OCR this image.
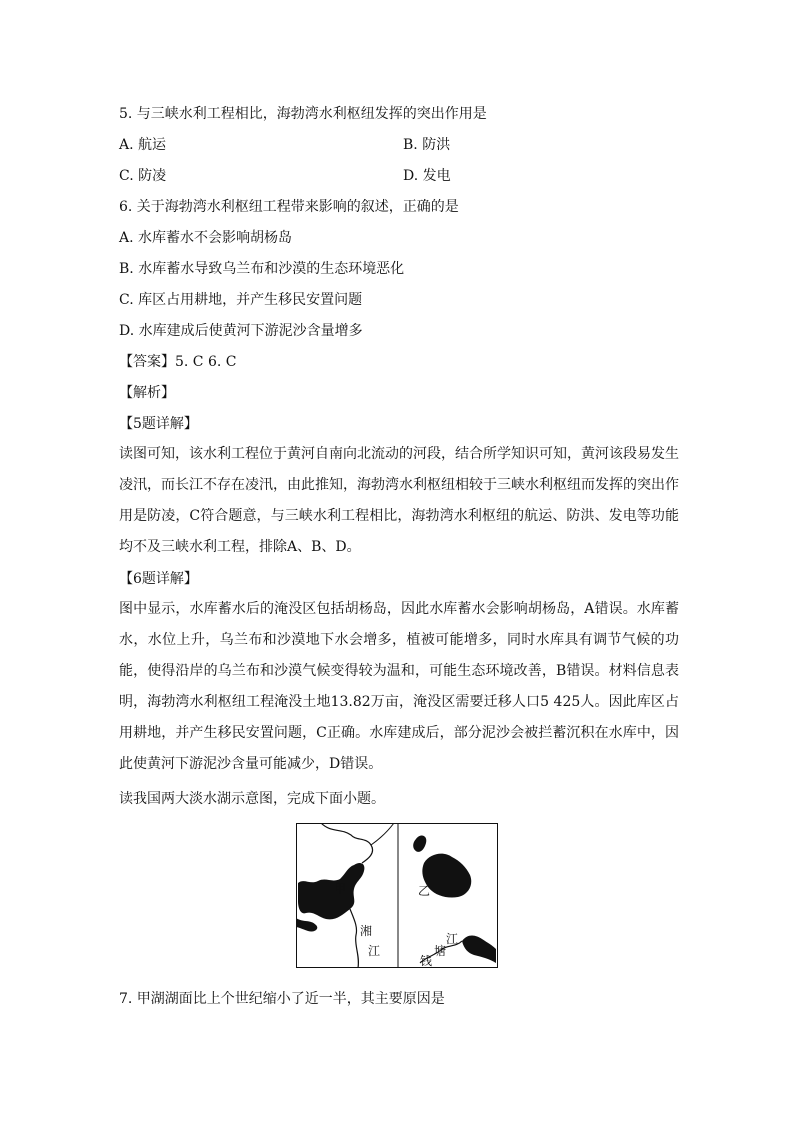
5. 与三峡水利工程相比，海勃湾水利枢纽发挥的突出作用是
A. 航运	B. 防洪
C. 防凌	D. 发电
6. 关于海勃湾水利枢纽工程带来影响的叙述，正确的是
A. 水库蓄水不会影响胡杨岛
B. 水库蓄水导致乌兰布和沙漠的生态环境恶化
C. 库区占用耕地，并产生移民安置问题
D. 水库建成后使黄河下游泥沙含量增多
【答案】5. C 6. C
【解析】
【5题详解】
读图可知，该水利工程位于黄河自南向北流动的河段，结合所学知识可知，黄河该段易发生凌汛，而长江不存在凌汛，由此推知，海勃湾水利枢纽相较于三峡水利枢纽而发挥的突出作用是防凌，C符合题意，与三峡水利工程相比，海勃湾水利枢纽的航运、防洪、发电等功能均不及三峡水利工程，排除A、B、D。
【6题详解】
图中显示，水库蓄水后的淹没区包括胡杨岛，因此水库蓄水会影响胡杨岛，A错误。水库蓄水，水位上升，乌兰布和沙漠地下水会增多，植被可能增多，同时水库具有调节气候的功能，使得沿岸的乌兰布和沙漠气候变得较为温和，可能生态环境改善，B错误。材料信息表明，海勃湾水利枢纽工程淹没土地13.82万亩，淹没区需要迁移人口5 425人。因此库区占用耕地，并产生移民安置问题，C正确。水库建成后，部分泥沙会被拦蓄沉积在水库中，因此使黄河下游泥沙含量可能减少，D错误。
读我国两大淡水湖示意图，完成下面小题。
甲
湘
江
乙
江
塘
钱
7. 甲湖湖面比上个世纪缩小了近一半，其主要原因是
